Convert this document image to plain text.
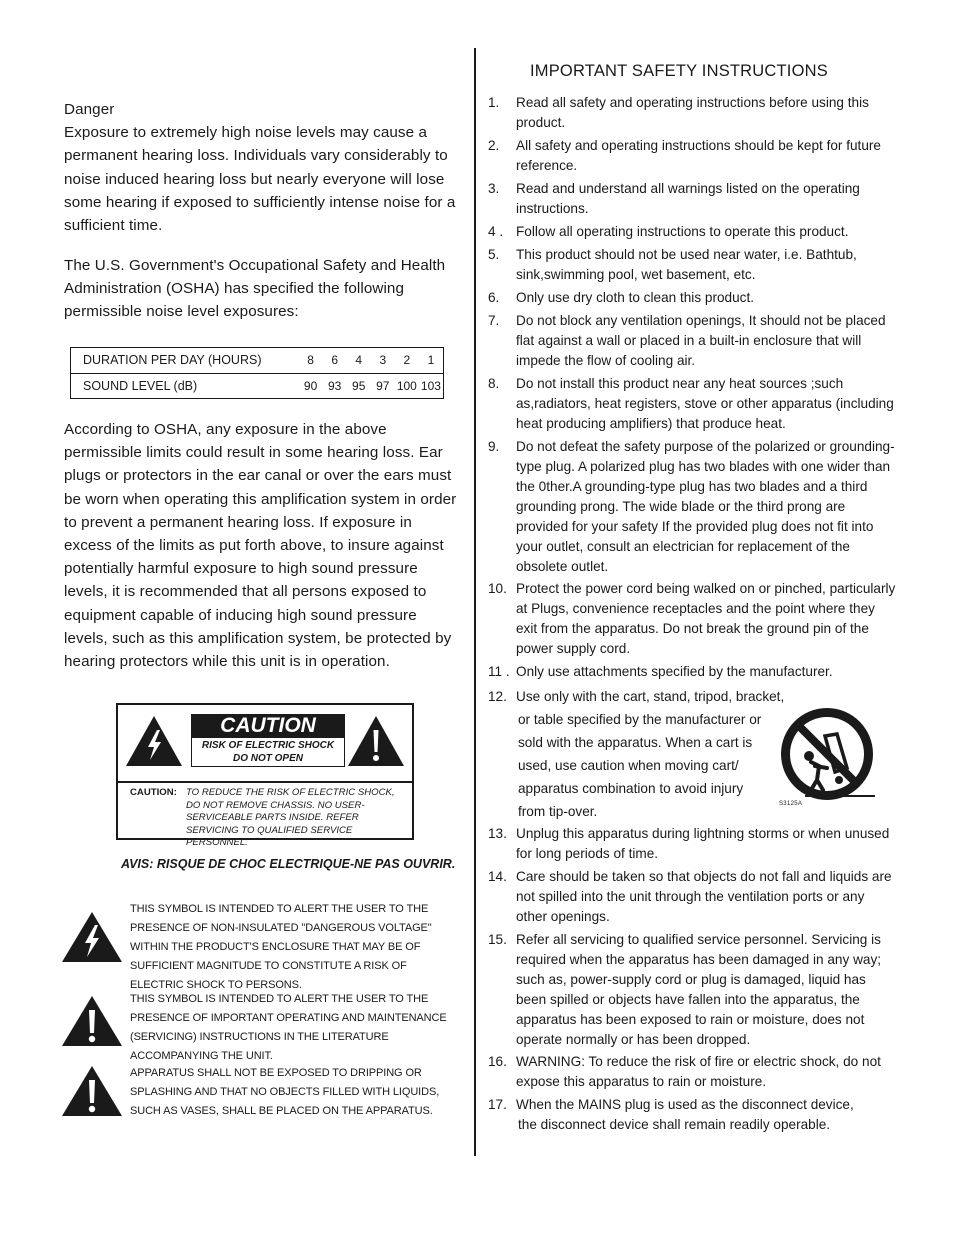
Danger

Exposure to extremely high noise levels may cause a permanent hearing loss. Individuals vary considerably to noise induced hearing loss but nearly everyone will lose some hearing if exposed to sufficiently intense noise for a sufficient time.

The U.S. Government's Occupational Safety and Health Administration (OSHA) has specified the following permissible noise level exposures:

DURATION PER DAY (HOURS)	8	6	4	3	2	1
SOUND LEVEL (dB)	90	93	95	97	100	103

According to OSHA, any exposure in the above permissible limits could result in some hearing loss. Ear plugs or protectors in the ear canal or over the ears must be worn when operating this amplification system in order to prevent a permanent hearing loss. If exposure in excess of the limits as put forth above, to insure against potentially harmful exposure to high sound pressure levels, it is recommended that all persons exposed to equipment capable of inducing high sound pressure levels, such as this amplification system, be protected by hearing protectors while this unit is in operation.

CAUTION
RISK OF ELECTRIC SHOCK
DO NOT OPEN
CAUTION: TO REDUCE THE RISK OF ELECTRIC SHOCK, DO NOT REMOVE CHASSIS. NO USER-SERVICEABLE PARTS INSIDE. REFER SERVICING TO QUALIFIED SERVICE PERSONNEL.
AVIS: RISQUE DE CHOC ELECTRIQUE-NE PAS OUVRIR.
THIS SYMBOL IS INTENDED TO ALERT THE USER TO THE PRESENCE OF NON-INSULATED "DANGEROUS VOLTAGE" WITHIN THE PRODUCT'S ENCLOSURE THAT MAY BE OF SUFFICIENT MAGNITUDE TO CONSTITUTE A RISK OF ELECTRIC SHOCK TO PERSONS.
THIS SYMBOL IS INTENDED TO ALERT THE USER TO THE PRESENCE OF IMPORTANT OPERATING AND MAINTENANCE (SERVICING) INSTRUCTIONS IN THE LITERATURE ACCOMPANYING THE UNIT.
APPARATUS SHALL NOT BE EXPOSED TO DRIPPING OR SPLASHING AND THAT NO OBJECTS FILLED WITH LIQUIDS, SUCH AS VASES, SHALL BE PLACED ON THE APPARATUS.
IMPORTANT SAFETY INSTRUCTIONS
1.	Read all safety and operating instructions before using this product.
2.	All safety and operating instructions should be kept for future reference.
3.	Read and understand all warnings listed on the operating instructions.
4 . Follow all operating instructions to operate this product.
5.	This product should not be used near water, i.e. Bathtub, sink,swimming pool, wet basement, etc.
6.	Only use dry cloth to clean this product.
7.	Do not block any ventilation openings, It should not be placed flat against a wall or placed in a built-in enclosure that will impede the flow of cooling air.
8.	Do not install this product near any heat sources ;such as,radiators, heat registers, stove or other apparatus (including heat producing amplifiers) that produce heat.
9.	Do not defeat the safety purpose of the polarized or grounding-type plug. A polarized plug has two blades with one wider than the 0ther.A grounding-type plug has two blades and a third grounding prong. The wide blade or the third prong are provided for your safety If the provided plug does not fit into your outlet, consult an electrician for replacement of the obsolete outlet.
10. Protect the power cord being walked on or pinched, particularly at Plugs, convenience receptacles and the point where they exit from the apparatus. Do not break the ground pin of the power supply cord.
11 . Only use attachments specified by the manufacturer.
12. Use only with the cart, stand, tripod, bracket,
or table specified by the manufacturer or
sold with the apparatus. When a cart is
used, use caution when moving cart/
apparatus combination to avoid injury
from tip-over.	S3125A
13. Unplug this apparatus during lightning storms or when unused for long periods of time.
14. Care should be taken so that objects do not fall and liquids are not spilled into the unit through the ventilation ports or any other openings.
15. Refer all servicing to qualified service personnel. Servicing is required when the apparatus has been damaged in any way; such as, power-supply cord or plug is damaged, liquid has been spilled or objects have fallen into the apparatus, the apparatus has been exposed to rain or moisture, does not operate normally or has been dropped.
16. WARNING: To reduce the risk of fire or electric shock, do not expose this apparatus to rain or moisture.
17. When the MAINS plug is used as the disconnect device,
the disconnect device shall remain readily operable.
